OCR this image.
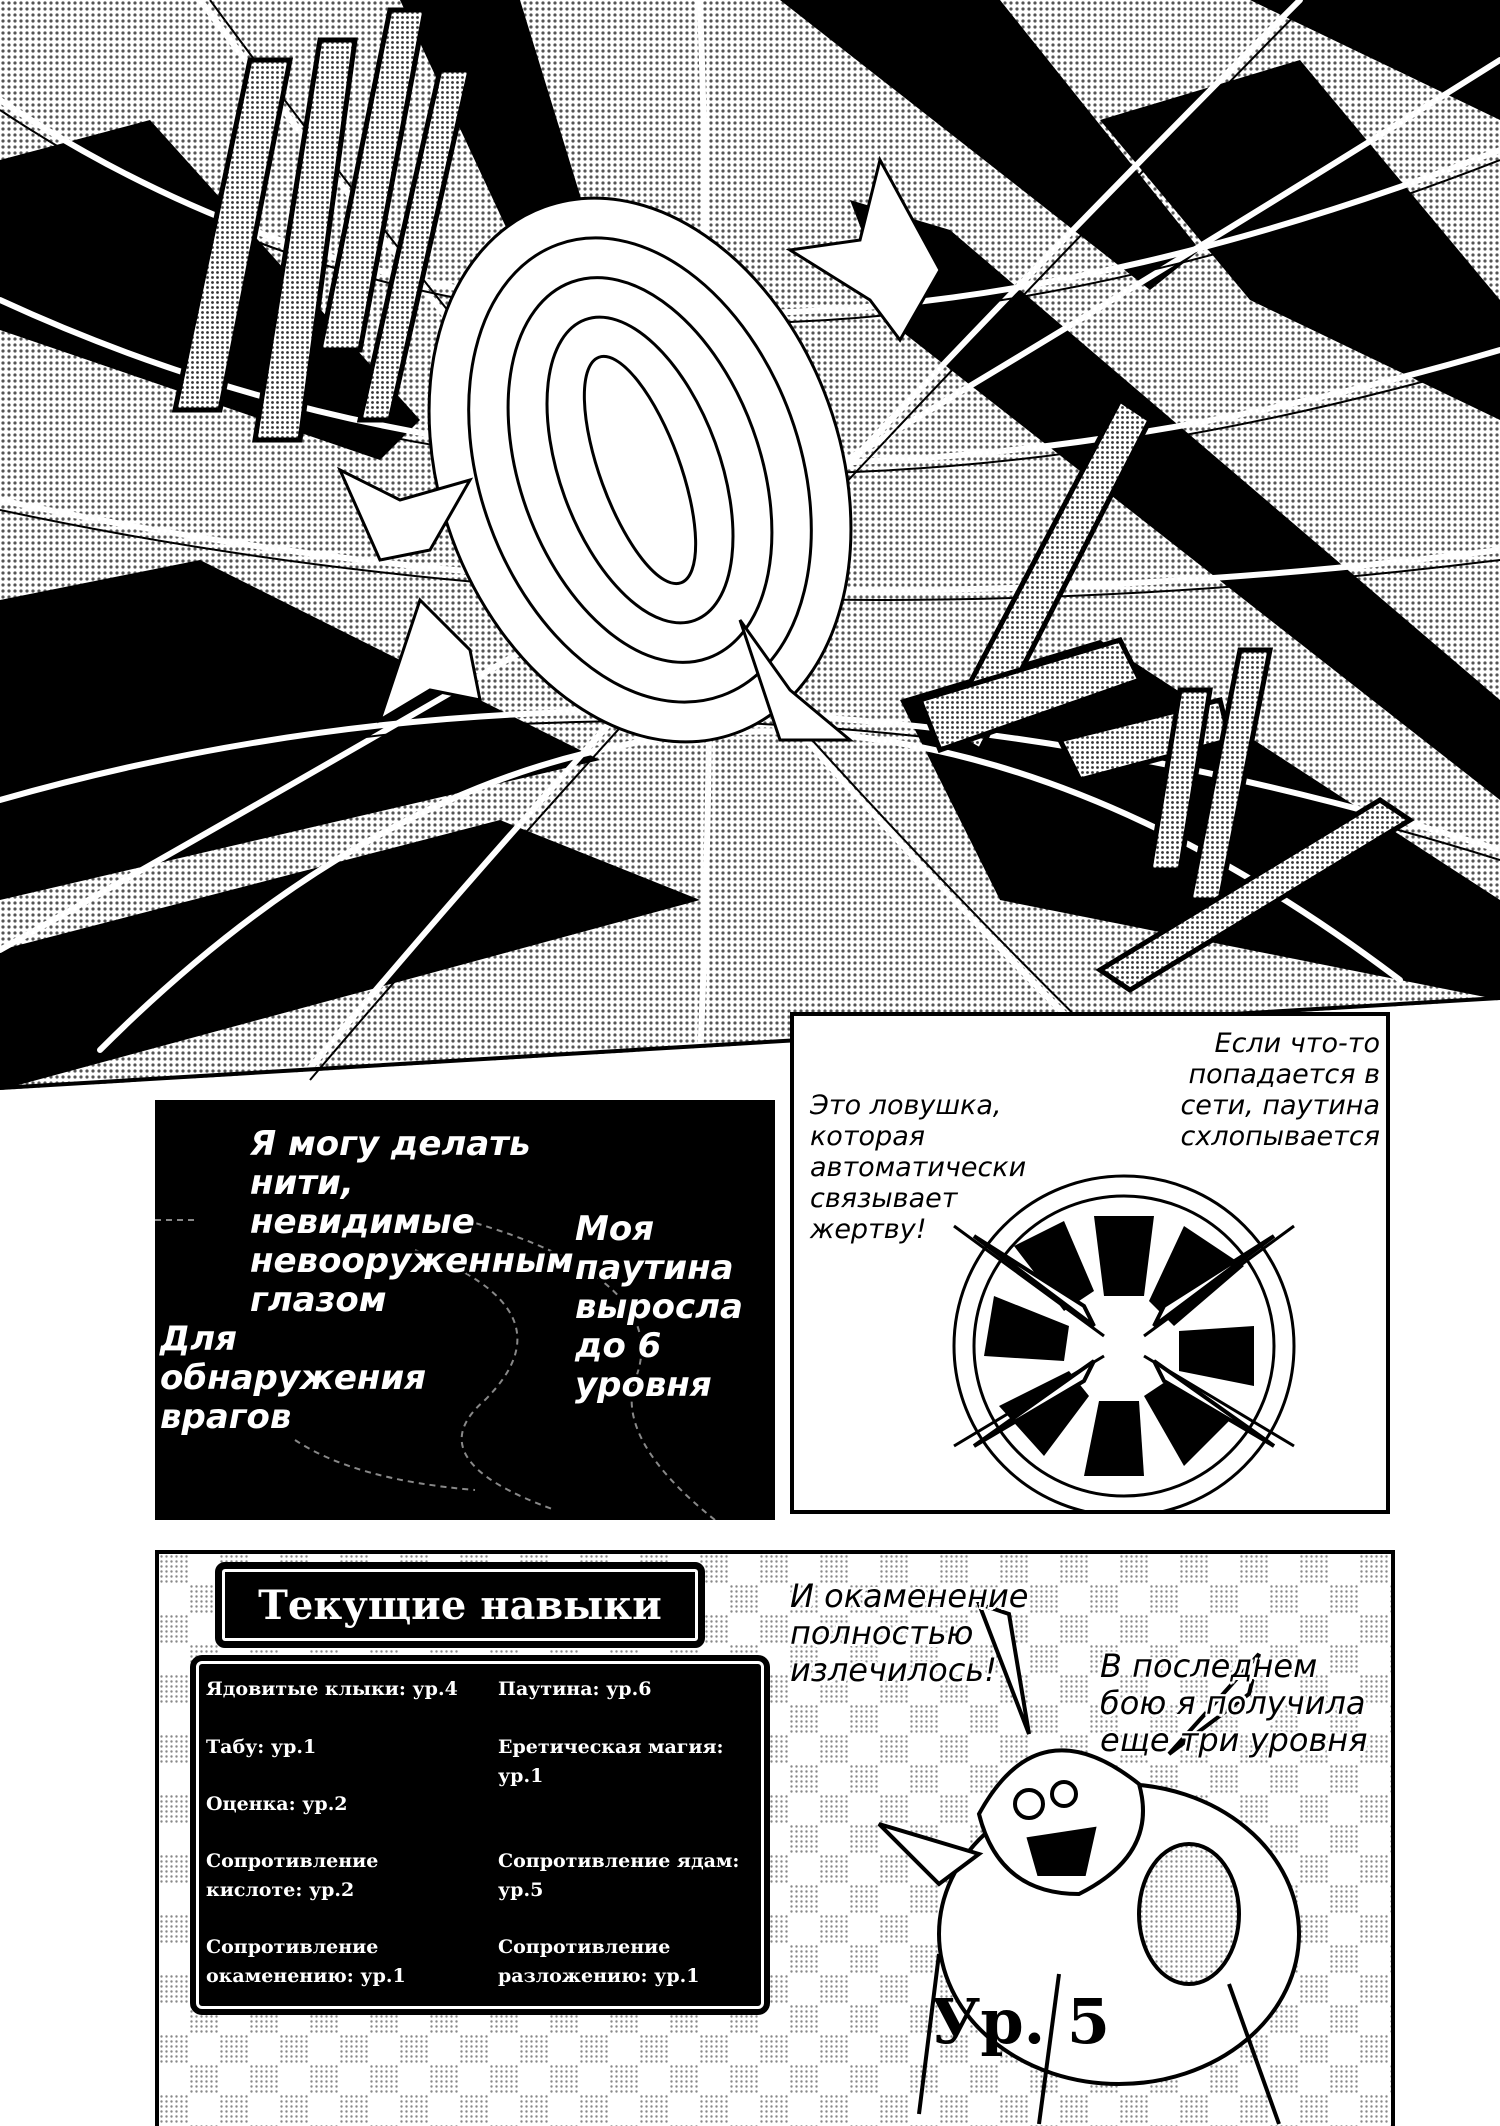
Я могу делать нити, невидимые невооруженным глазом

Для обнаружения врагов

Моя паутина выросла до 6 уровня

Это ловушка, которая автоматически связывает жертву!

Если что-то попадается в сети, паутина схлопывается

Текущие навыки

Ядовитые клыки: ур.4

Табу: ур.1

Оценка: ур.2

Сопротивление кислоте: ур.2

Сопротивление окаменению: ур.1

Паутина: ур.6

Еретическая магия: ур.1

Сопротивление ядам: ур.5

Сопротивление разложению: ур.1

И окаменение полностью излечилось!	В последнем бою я получила еще три уровня

Ур. 5
